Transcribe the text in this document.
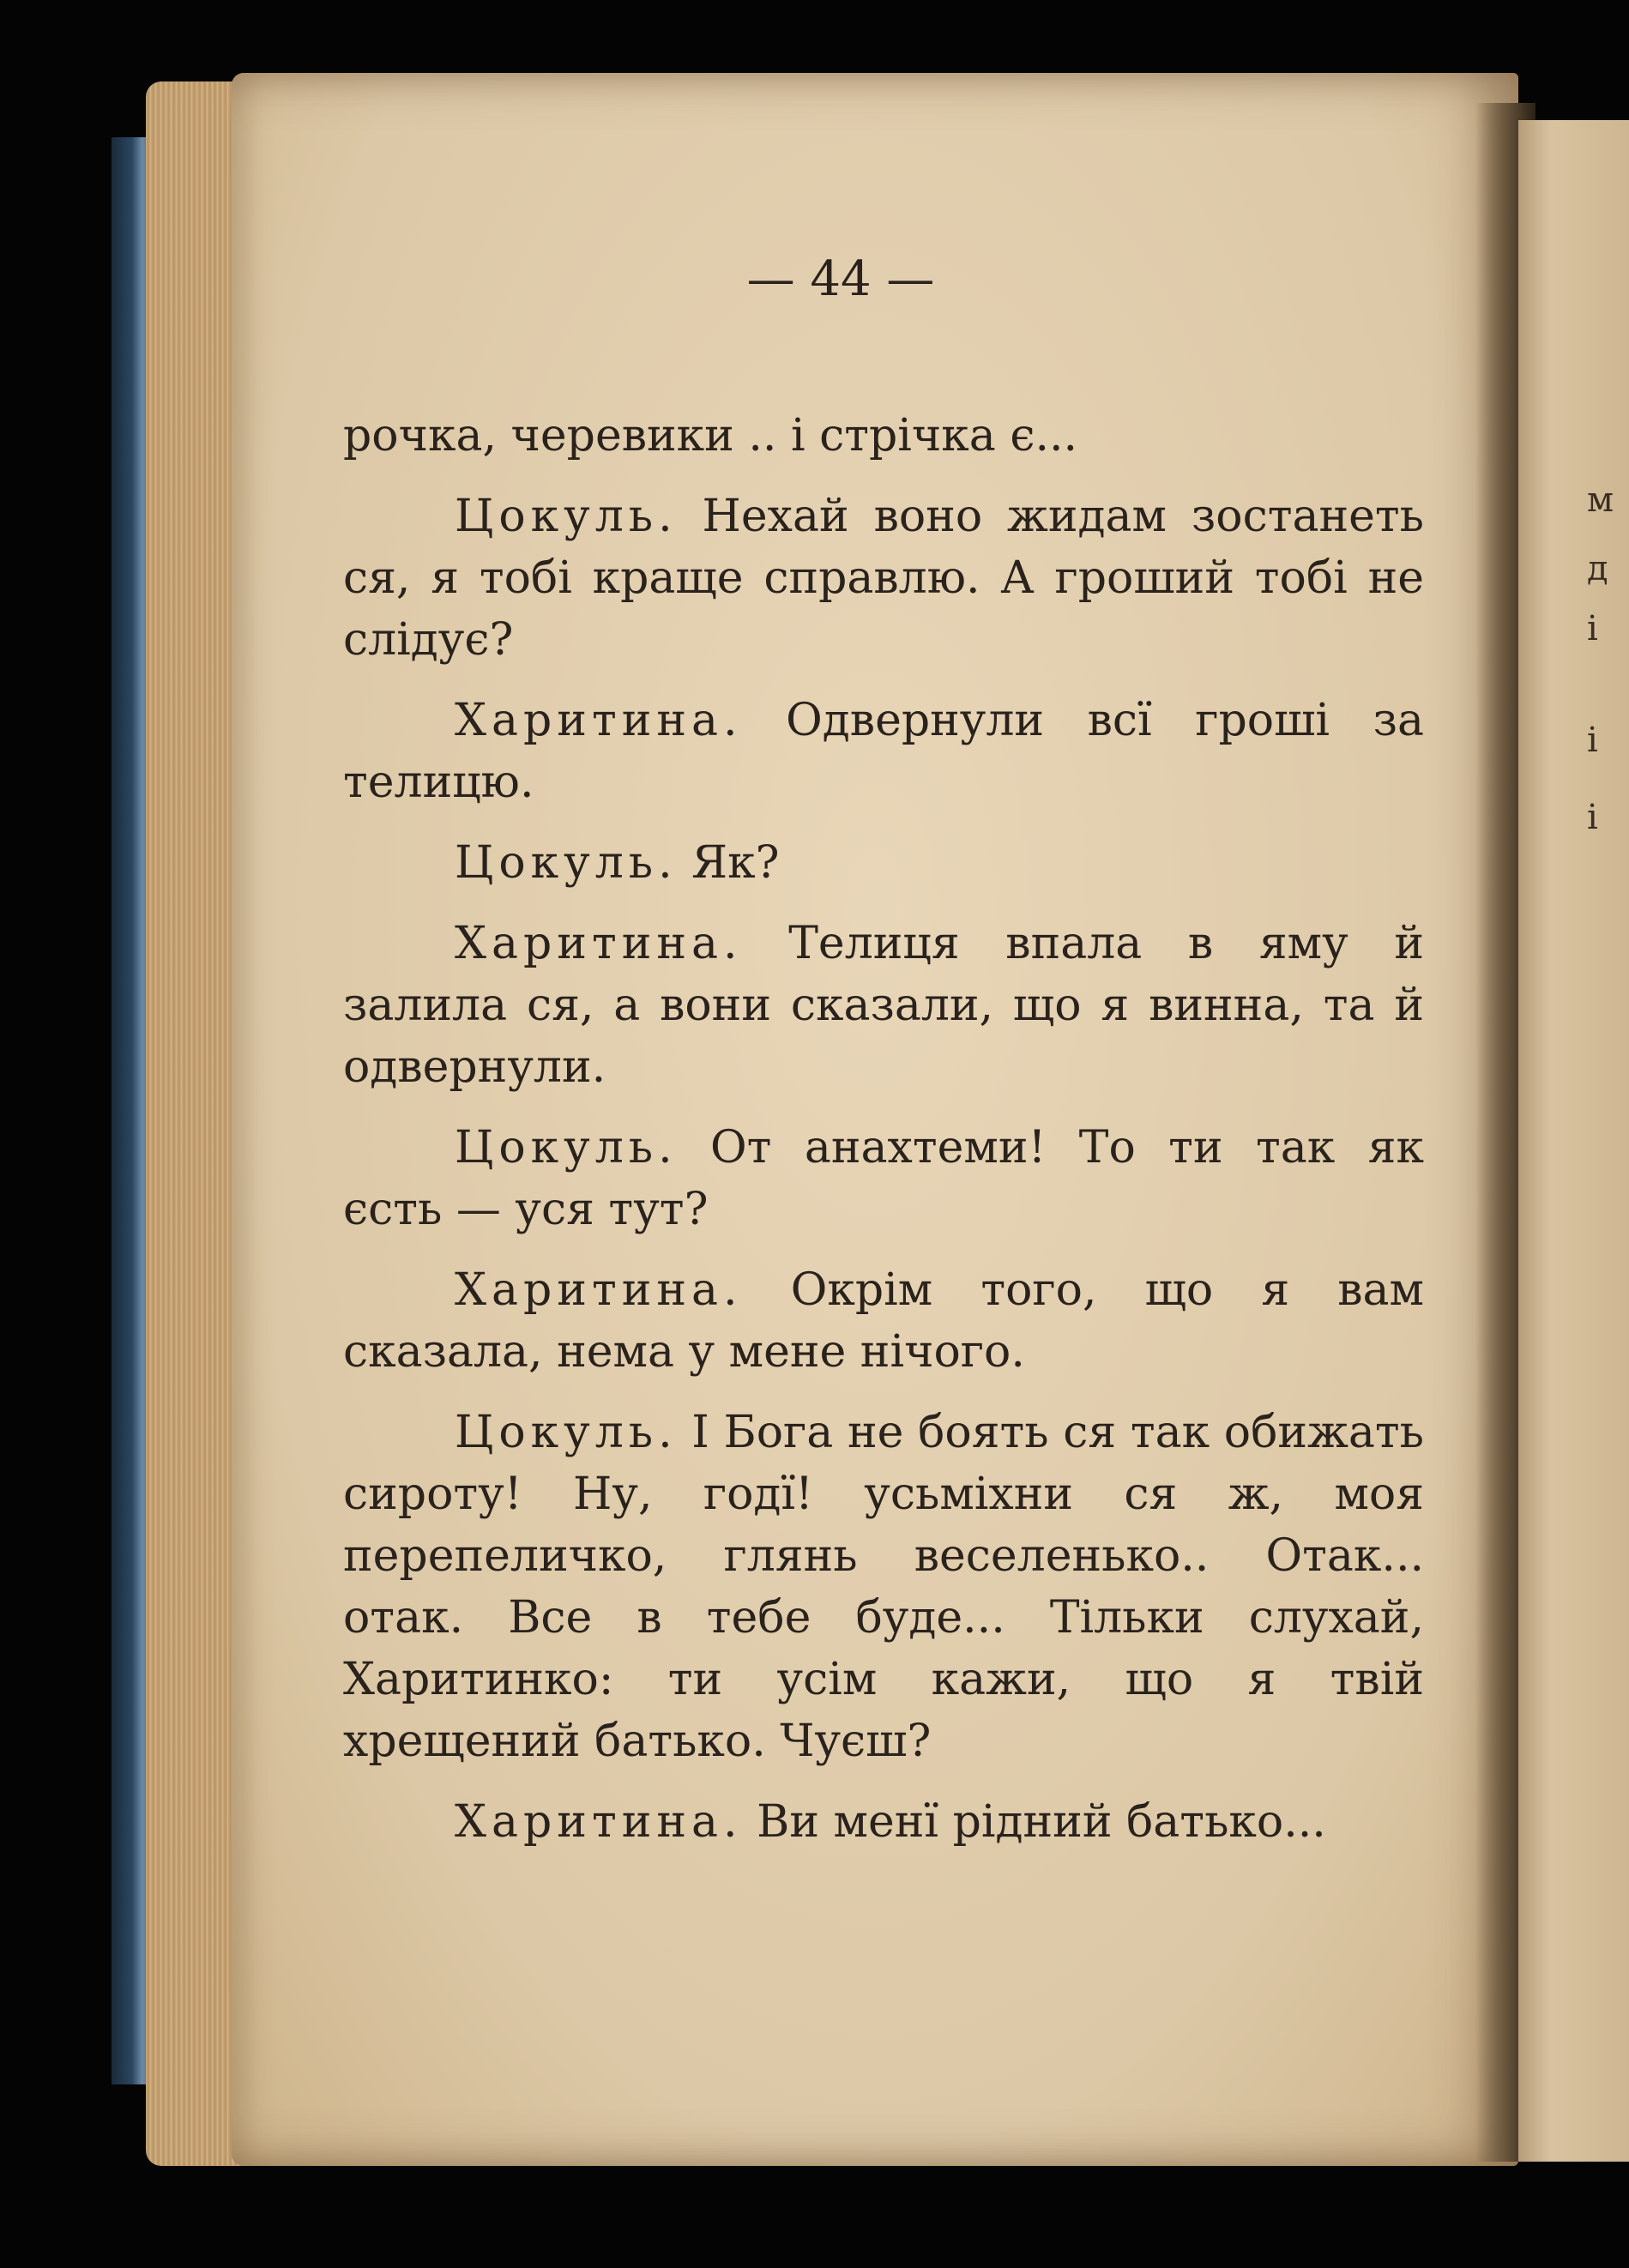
м
д
і
і
і
— 44 —

рочка, черевики .. і стрічка є...

Цокуль. Нехай воно жидам зостанеть ся, я тобі краще справлю. А гроший тобі не слідує?

Харитина. Одвернули всї гроші за телицю.

Цокуль. Як?

Харитина. Телиця впала в яму й залила ся, а вони сказали, що я винна, та й одвернули.

Цокуль. От анахтеми! То ти так як єсть — уся тут?

Харитина. Окрім того, що я вам сказала, нема у мене нічого.

Цокуль. І Бога не боять ся так обижать сироту! Ну, годї! усьміхни ся ж, моя перепеличко, глянь веселенько.. Отак... отак. Все в тебе буде... Тільки слухай, Харитинко: ти усім кажи, що я твій хрещений батько. Чуєш?

Харитина. Ви менї рідний батько...
